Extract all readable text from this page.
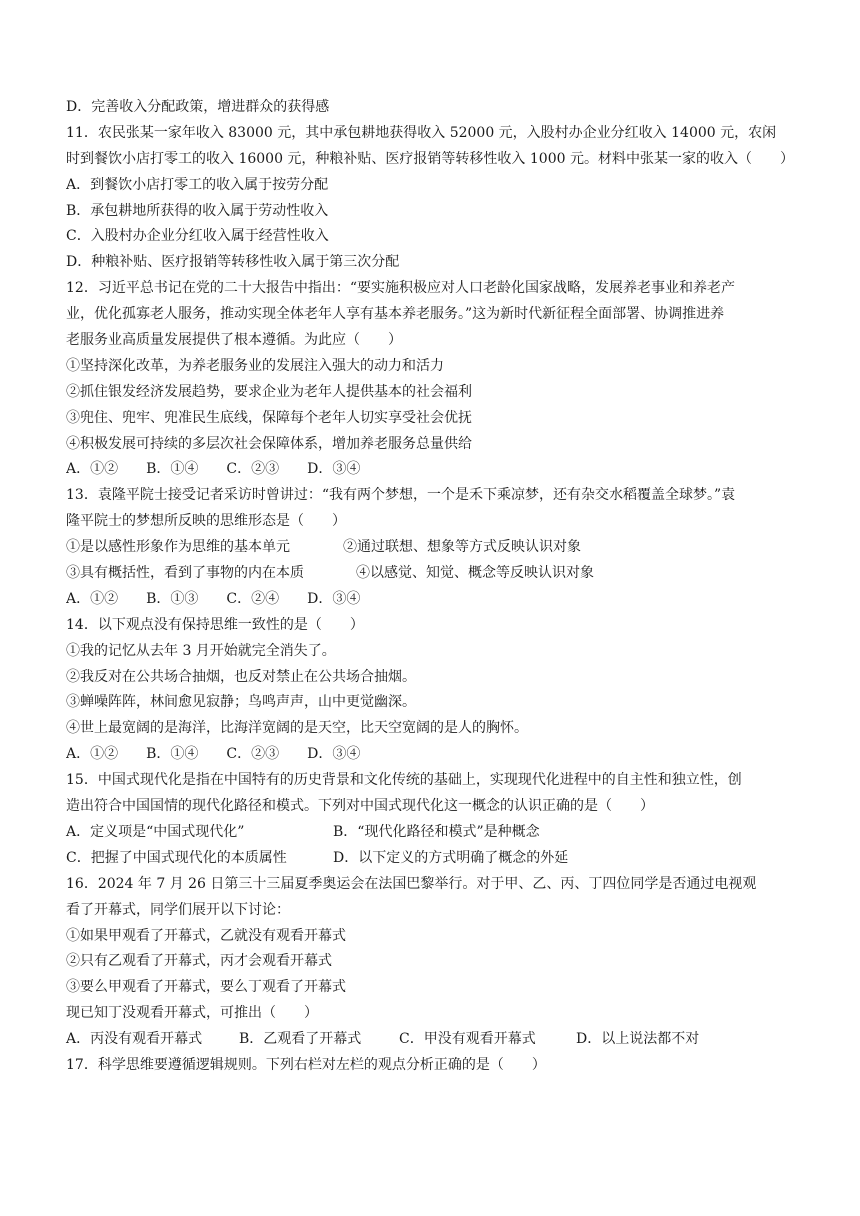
D．完善收入分配政策，增进群众的获得感
11．农民张某一家年收入 83000 元，其中承包耕地获得收入 52000 元，入股村办企业分红收入 14000 元，农闲
时到餐饮小店打零工的收入 16000 元，种粮补贴、医疗报销等转移性收入 1000 元。材料中张某一家的收入（　　）
A．到餐饮小店打零工的收入属于按劳分配
B．承包耕地所获得的收入属于劳动性收入
C．入股村办企业分红收入属于经营性收入
D．种粮补贴、医疗报销等转移性收入属于第三次分配
12．习近平总书记在党的二十大报告中指出：“要实施积极应对人口老龄化国家战略，发展养老事业和养老产
业，优化孤寡老人服务，推动实现全体老年人享有基本养老服务。”这为新时代新征程全面部署、协调推进养
老服务业高质量发展提供了根本遵循。为此应（　　）
①坚持深化改革，为养老服务业的发展注入强大的动力和活力
②抓住银发经济发展趋势，要求企业为老年人提供基本的社会福利
③兜住、兜牢、兜准民生底线，保障每个老年人切实享受社会优抚
④积极发展可持续的多层次社会保障体系，增加养老服务总量供给
A．①②　　B．①④　　C．②③　　D．③④
13．袁隆平院士接受记者采访时曾讲过：“我有两个梦想，一个是禾下乘凉梦，还有杂交水稻覆盖全球梦。”袁
隆平院士的梦想所反映的思维形态是（　　）
①是以感性形象作为思维的基本单元	②通过联想、想象等方式反映认识对象
③具有概括性，看到了事物的内在本质	④以感觉、知觉、概念等反映认识对象
A．①②　　B．①③　　C．②④　　D．③④
14．以下观点没有保持思维一致性的是（　　）
①我的记忆从去年 3 月开始就完全消失了。
②我反对在公共场合抽烟，也反对禁止在公共场合抽烟。
③蝉噪阵阵，林间愈见寂静；鸟鸣声声，山中更觉幽深。
④世上最宽阔的是海洋，比海洋宽阔的是天空，比天空宽阔的是人的胸怀。
A．①②　　B．①④　　C．②③　　D．③④
15．中国式现代化是指在中国特有的历史背景和文化传统的基础上，实现现代化进程中的自主性和独立性，创
造出符合中国国情的现代化路径和模式。下列对中国式现代化这一概念的认识正确的是（　　）
A．定义项是“中国式现代化”	B．“现代化路径和模式”是种概念
C．把握了中国式现代化的本质属性	D．以下定义的方式明确了概念的外延
16．2024 年 7 月 26 日第三十三届夏季奥运会在法国巴黎举行。对于甲、乙、丙、丁四位同学是否通过电视观
看了开幕式，同学们展开以下讨论：
①如果甲观看了开幕式，乙就没有观看开幕式
②只有乙观看了开幕式，丙才会观看开幕式
③要么甲观看了开幕式，要么丁观看了开幕式
现已知丁没观看开幕式，可推出（　　）
A．丙没有观看开幕式	B．乙观看了开幕式	C．甲没有观看开幕式	D．以上说法都不对
17．科学思维要遵循逻辑规则。下列右栏对左栏的观点分析正确的是（　　）
